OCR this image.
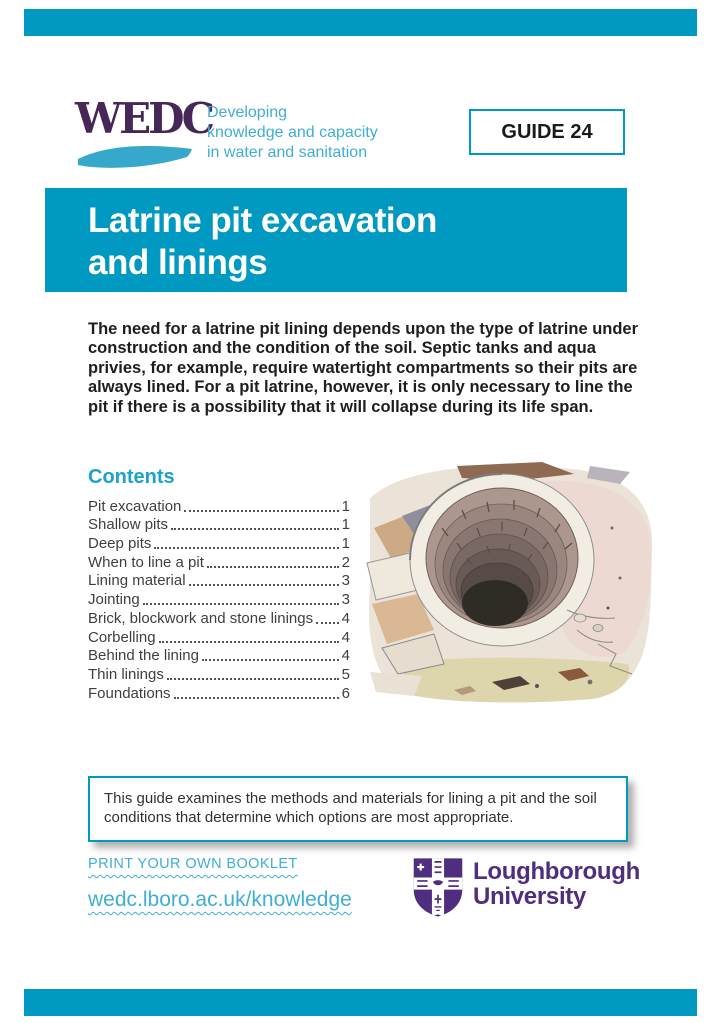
WEDC
Developing
knowledge and capacity
in water and sanitation
GUIDE 24
Latrine pit excavation
and linings

The need for a latrine pit lining depends upon the type of latrine under construction and the condition of the soil. Septic tanks and aqua privies, for example, require watertight compartments so their pits are always lined. For a pit latrine, however, it is only necessary to line the pit if there is a possibility that it will collapse during its life span.

Contents
Pit excavation	1
Shallow pits	1
Deep pits	1
When to line a pit	2
Lining material	3
Jointing	3
Brick, blockwork and stone linings 4
Corbelling	4
Behind the lining	4
Thin linings	5
Foundations	6
This guide examines the methods and materials for lining a pit and the soil conditions that determine which options are most appropriate.
PRINT YOUR OWN BOOKLET
wedc.lboro.ac.uk/knowledge
Loughborough
University
